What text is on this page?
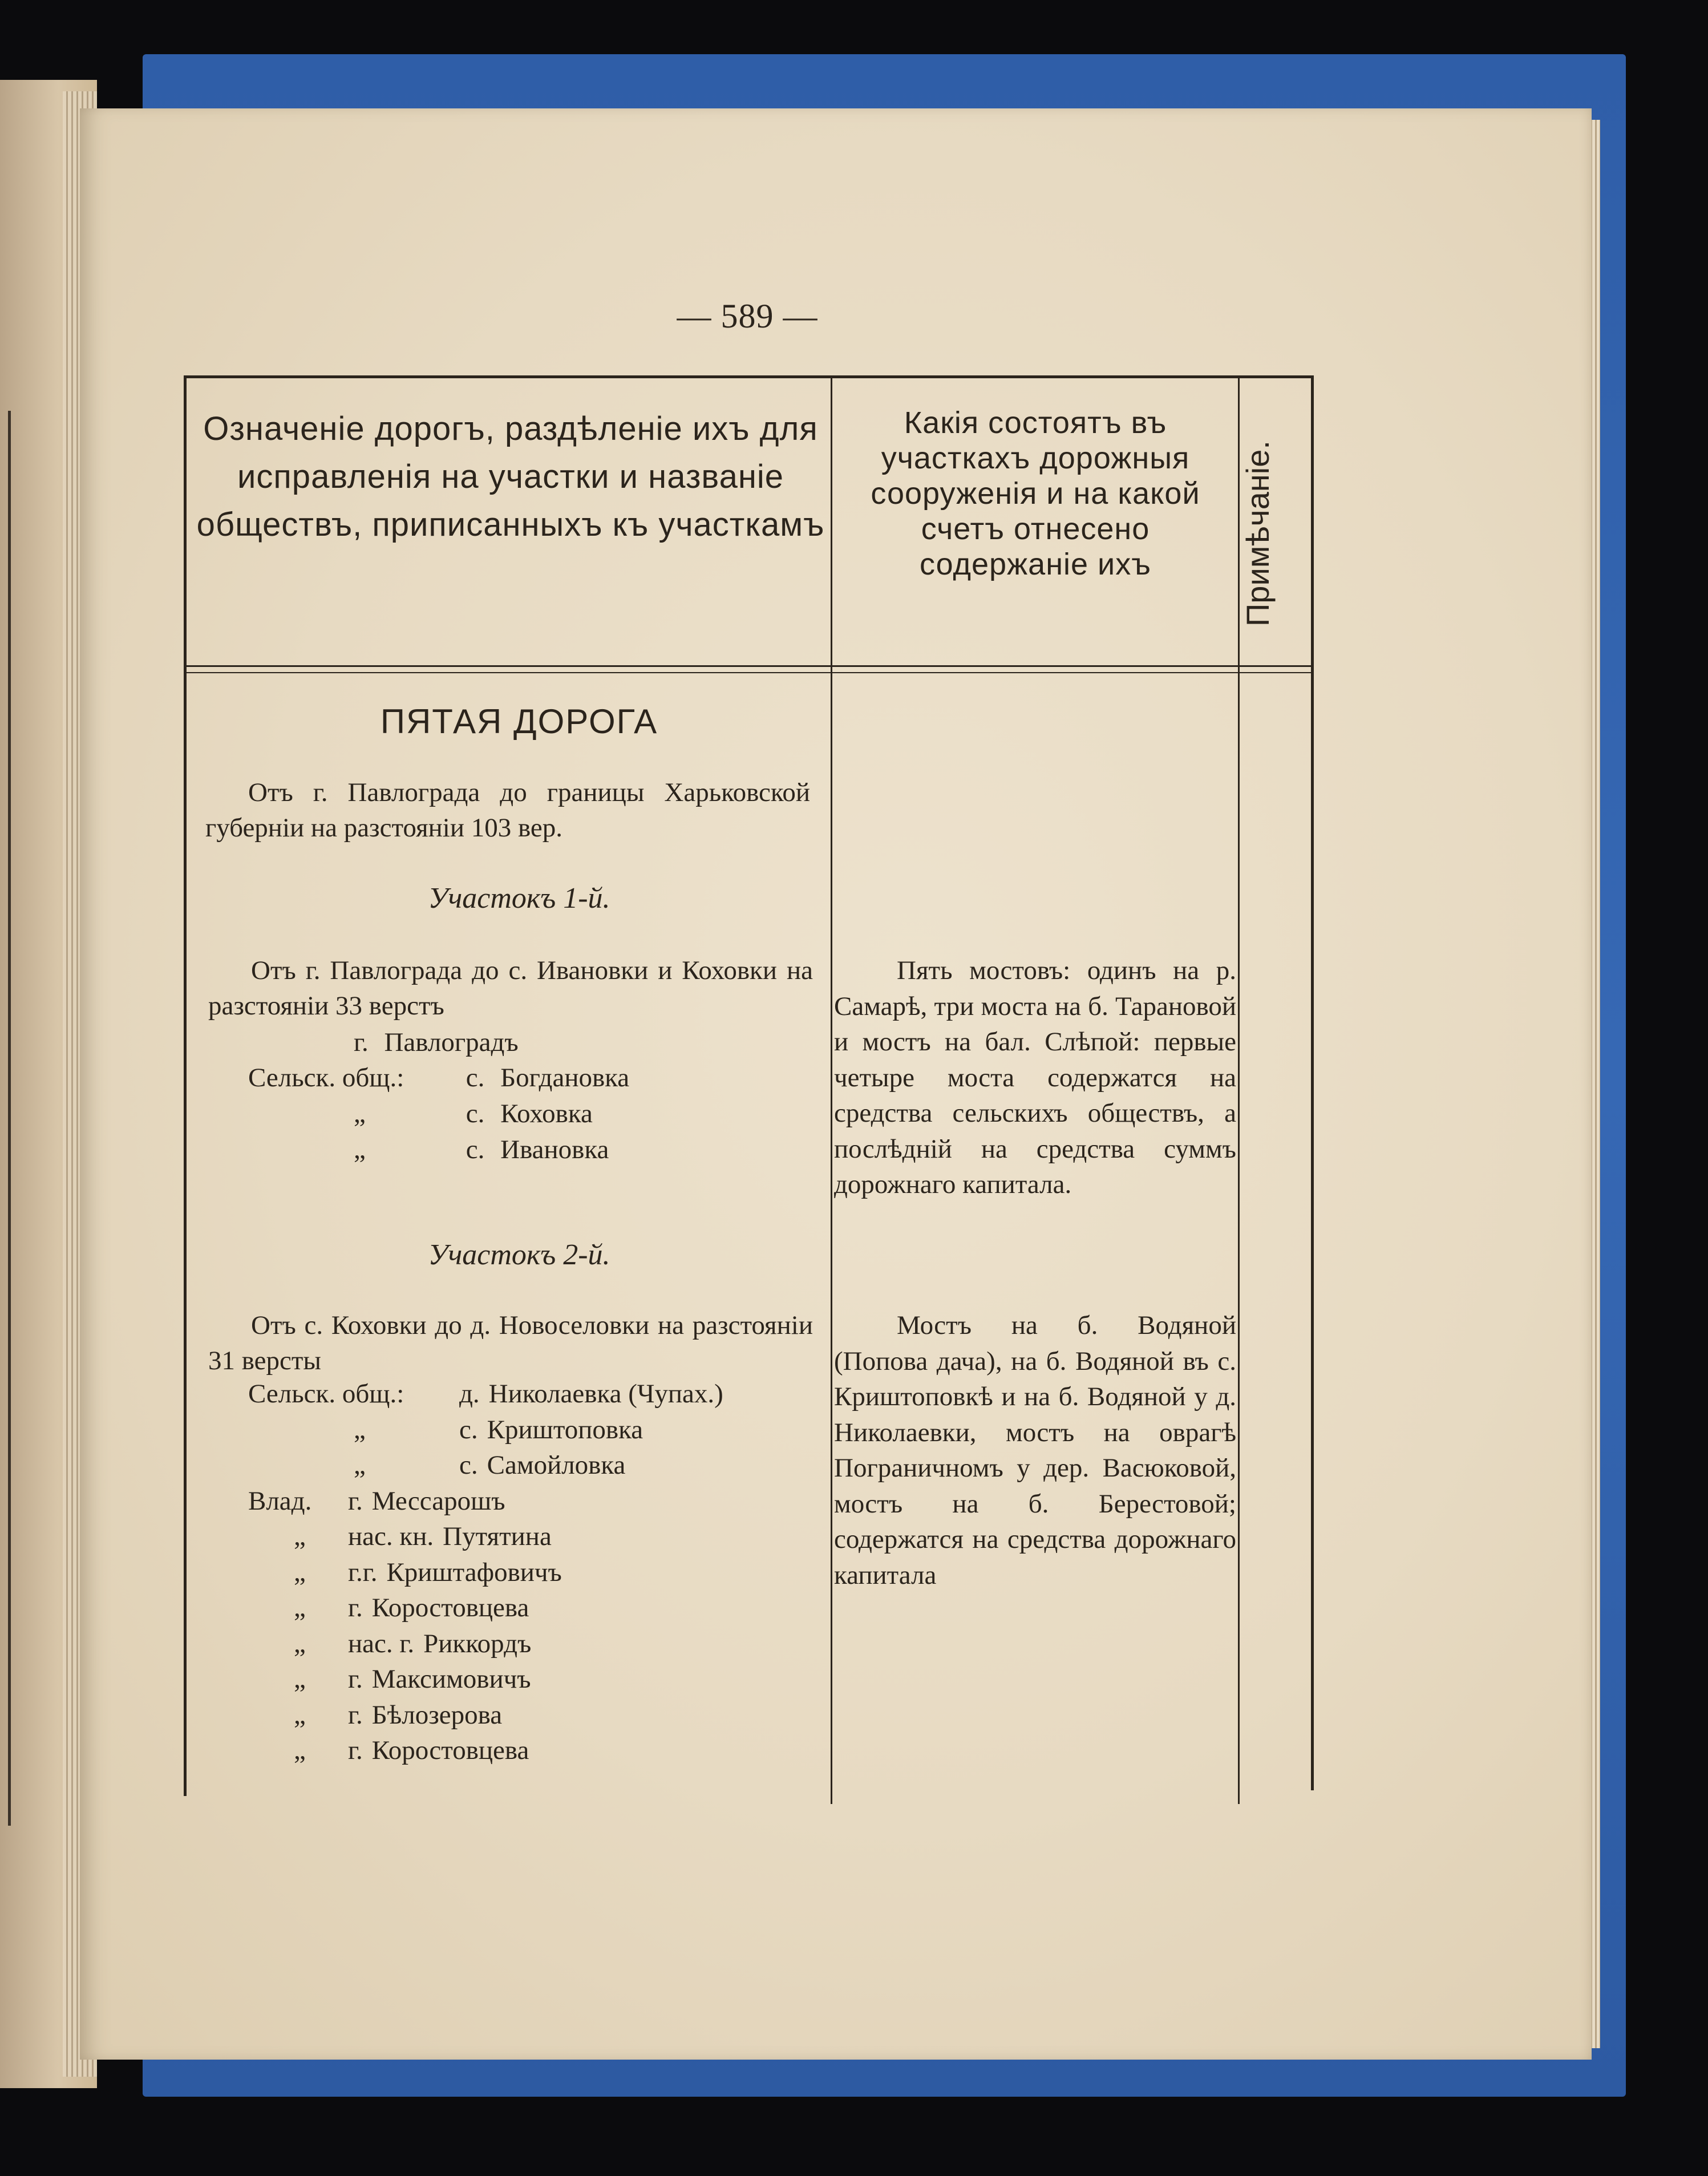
— 589 —
Означеніе дорогъ, раздѣленіе ихъ для исправленія на участки и названіе обществъ, приписанныхъ къ участкамъ
Какія состоятъ въ участкахъ дорожныя сооруженія и на какой счетъ отнесено содержаніе ихъ	Примѣчаніе.
ПЯТАЯ ДОРОГА
Отъ г. Павлограда до границы Харьковской губерніи на разстояніи 103 вер.
Участокъ 1-й.
Отъ г. Павлограда до с. Ивановки и Коховки на разстояніи 33 верстъ
г. Павлоградъ
Сельск. общ.: с. Богдановка
„	с. Коховка
„	с. Ивановка
Пять мостовъ: одинъ на р. Самарѣ, три моста на б. Тарановой и мостъ на бал. Слѣпой: первые четыре моста содержатся на средства сельскихъ обществъ, а послѣдній на средства суммъ дорожнаго капитала.
Участокъ 2-й.
Отъ с. Коховки до д. Новоселовки на разстояніи 31 версты
Сельск. общ.: д. Николаевка (Чупах.)
„	с. Криштоповка
„	с. Самойловка
Влад. г. Мессарошъ
„ нас. кн. Путятина
„ г.г. Криштафовичъ
„ г. Коростовцева
„ нас. г. Риккордъ
„ г. Максимовичъ
„ г. Бѣлозерова
„ г. Коростовцева
Мостъ на б. Водяной (Попова дача), на б. Водяной въ с. Криштоповкѣ и на б. Водяной у д. Николаевки, мостъ на оврагѣ Пограничномъ у дер. Васюковой, мостъ на б. Берестовой; содержатся на средства дорожнаго капитала
